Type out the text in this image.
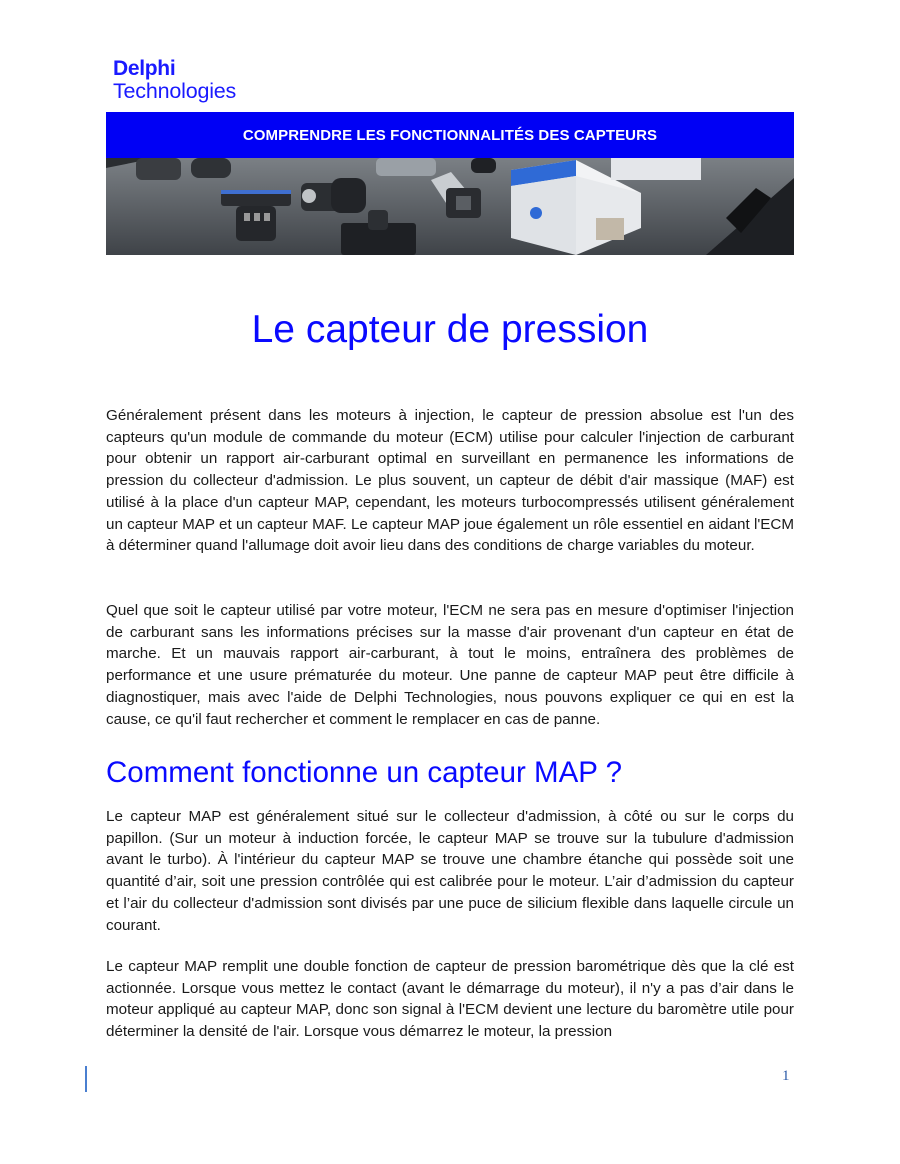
Delphi
Technologies
COMPRENDRE LES FONCTIONNALITÉS DES CAPTEURS
Le capteur de pression

Généralement présent dans les moteurs à injection, le capteur de pression absolue est l'un des capteurs qu'un module de commande du moteur (ECM) utilise pour calculer l'injection de carburant pour obtenir un rapport air-carburant optimal en surveillant en permanence les informations de pression du collecteur d'admission. Le plus souvent, un capteur de débit d'air massique (MAF) est utilisé à la place d'un capteur MAP, cependant, les moteurs turbocompressés utilisent généralement un capteur MAP et un capteur MAF. Le capteur MAP joue également un rôle essentiel en aidant l'ECM à déterminer quand l'allumage doit avoir lieu dans des conditions de charge variables du moteur.

Quel que soit le capteur utilisé par votre moteur, l'ECM ne sera pas en mesure d'optimiser l'injection de carburant sans les informations précises sur la masse d'air provenant d'un capteur en état de marche. Et un mauvais rapport air-carburant, à tout le moins, entraînera des problèmes de performance et une usure prématurée du moteur. Une panne de capteur MAP peut être difficile à diagnostiquer, mais avec l'aide de Delphi Technologies, nous pouvons expliquer ce qui en est la cause, ce qu'il faut rechercher et comment le remplacer en cas de panne.

Comment fonctionne un capteur MAP ?

Le capteur MAP est généralement situé sur le collecteur d'admission, à côté ou sur le corps du papillon. (Sur un moteur à induction forcée, le capteur MAP se trouve sur la tubulure d'admission avant le turbo). À l'intérieur du capteur MAP se trouve une chambre étanche qui possède soit une quantité d’air, soit une pression contrôlée qui est calibrée pour le moteur. L’air d’admission du capteur et l’air du collecteur d'admission sont divisés par une puce de silicium flexible dans laquelle circule un courant.

Le capteur MAP remplit une double fonction de capteur de pression barométrique dès que la clé est actionnée. Lorsque vous mettez le contact (avant le démarrage du moteur), il n'y a pas d’air dans le moteur appliqué au capteur MAP, donc son signal à l'ECM devient une lecture du baromètre utile pour déterminer la densité de l'air. Lorsque vous démarrez le moteur, la pression

1
